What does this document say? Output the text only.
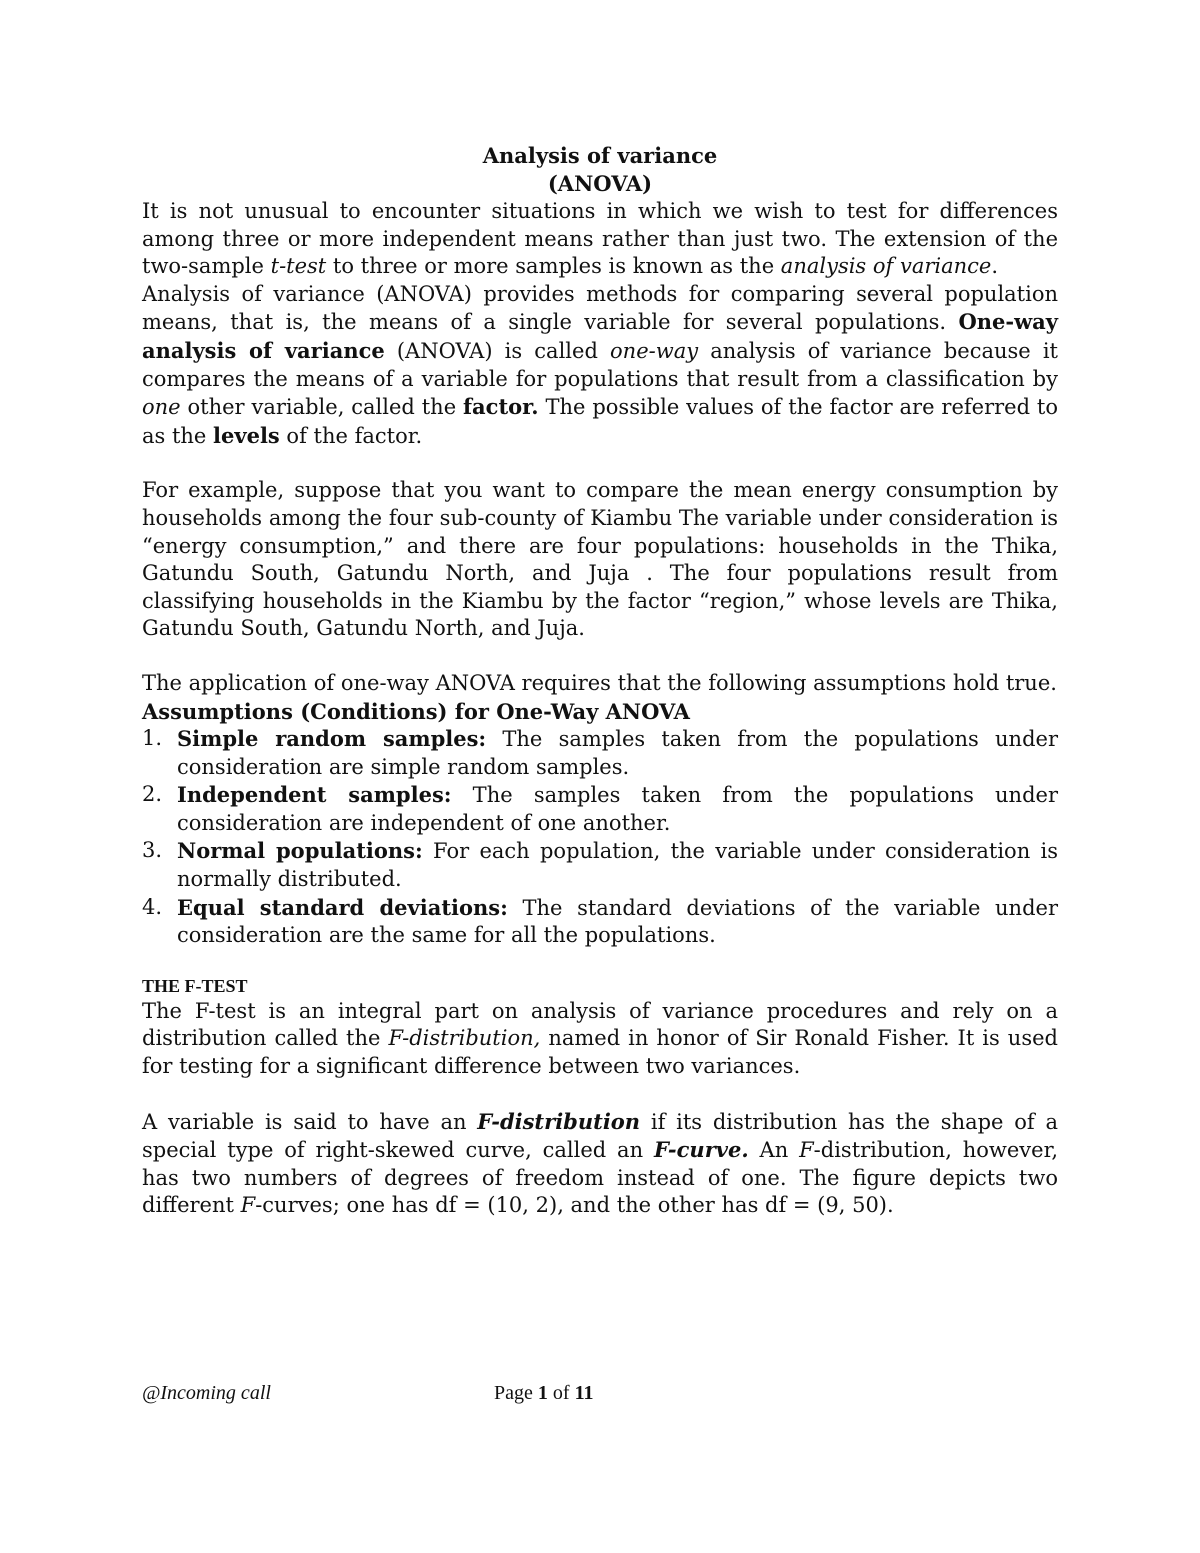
Analysis of variance

(ANOVA)

It is not unusual to encounter situations in which we wish to test for differences among three or more independent means rather than just two. The extension of the two-sample t-test to three or more samples is known as the analysis of variance.

Analysis of variance (ANOVA) provides methods for comparing several population means, that is, the means of a single variable for several populations. One-way analysis of variance (ANOVA) is called one-way analysis of variance because it compares the means of a variable for populations that result from a classification by one other variable, called the factor. The possible values of the factor are referred to as the levels of the factor.

For example, suppose that you want to compare the mean energy consumption by households among the four sub-county of Kiambu The variable under consideration is “energy consumption,” and there are four populations: households in the Thika, Gatundu South, Gatundu North, and Juja . The four populations result from classifying households in the Kiambu by the factor “region,” whose levels are Thika, Gatundu South, Gatundu North, and Juja.

The application of one-way ANOVA requires that the following assumptions hold true.

Assumptions (Conditions) for One-Way ANOVA

1. Simple random samples: The samples taken from the populations under consideration are simple random samples.
2. Independent samples: The samples taken from the populations under consideration are independent of one another.
3. Normal populations: For each population, the variable under consideration is normally distributed.
4. Equal standard deviations: The standard deviations of the variable under consideration are the same for all the populations.

THE F-TEST

The F-test is an integral part on analysis of variance procedures and rely on a distribution called the F-distribution, named in honor of Sir Ronald Fisher. It is used for testing for a significant difference between two variances.

A variable is said to have an F-distribution if its distribution has the shape of a special type of right-skewed curve, called an F-curve. An F-distribution, however, has two numbers of degrees of freedom instead of one. The figure depicts two different F-curves; one has df = (10, 2), and the other has df = (9, 50).

@Incoming call	Page 1 of 11
